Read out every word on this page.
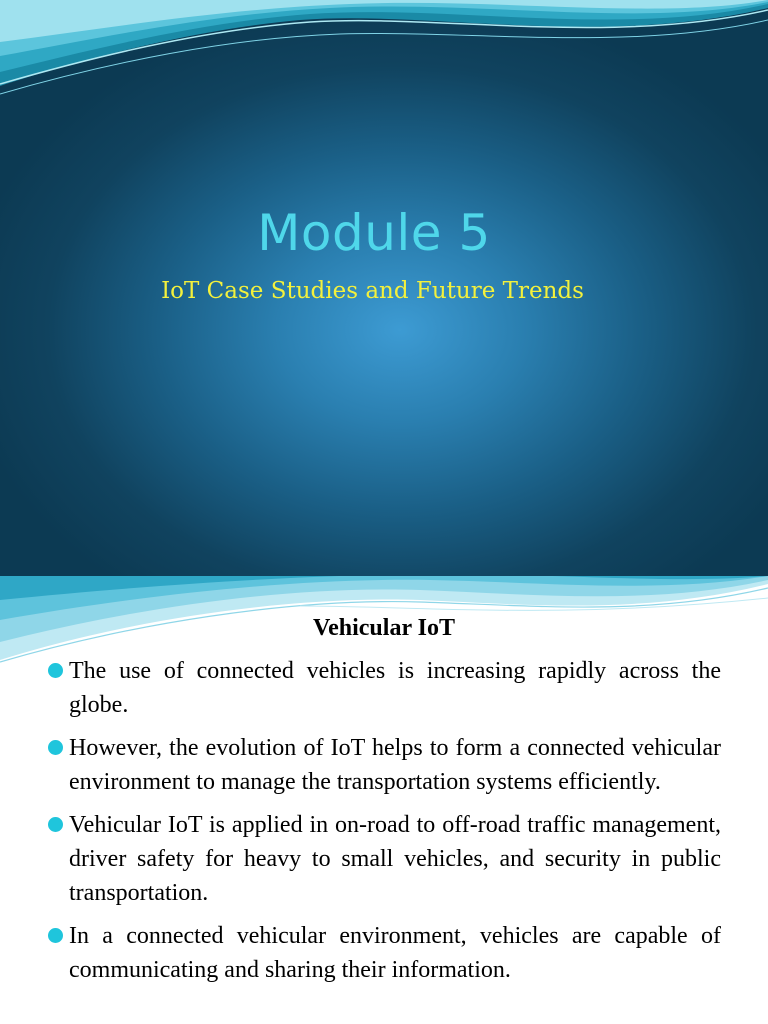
Module 5
IoT Case Studies and Future Trends
Vehicular IoT
The use of connected vehicles is increasing rapidly across the globe.
However, the evolution of IoT helps to form a connected vehicular environment to manage the transportation systems efficiently.
Vehicular IoT is applied in on-road to off-road traffic management, driver safety for heavy to small vehicles, and security in public transportation.
In a connected vehicular environment, vehicles are capable of communicating and sharing their information.
